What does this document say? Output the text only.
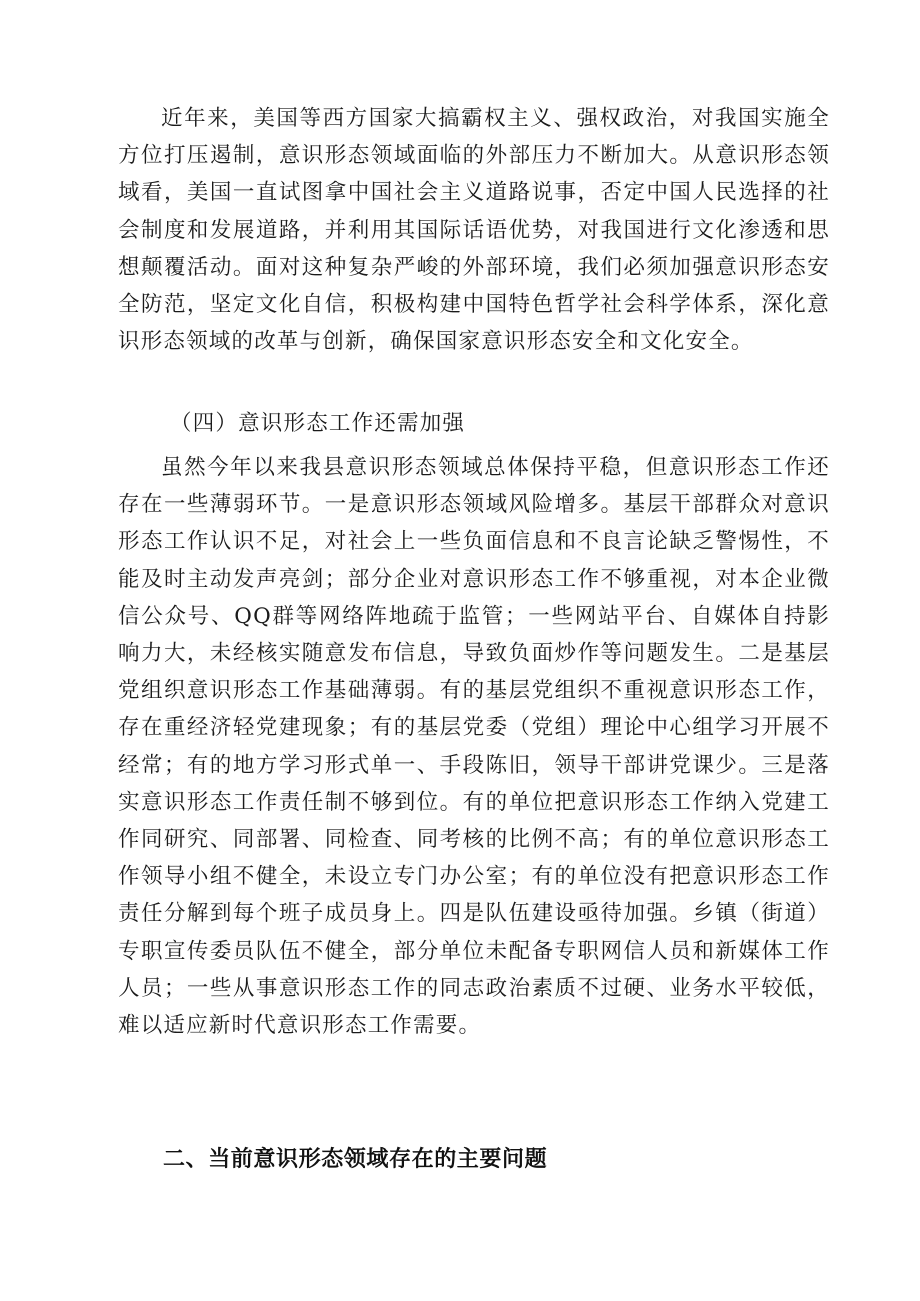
近年来，美国等西方国家大搞霸权主义、强权政治，对我国实施全方位打压遏制，意识形态领域面临的外部压力不断加大。从意识形态领域看，美国一直试图拿中国社会主义道路说事，否定中国人民选择的社会制度和发展道路，并利用其国际话语优势，对我国进行文化渗透和思想颠覆活动。面对这种复杂严峻的外部环境，我们必须加强意识形态安全防范，坚定文化自信，积极构建中国特色哲学社会科学体系，深化意识形态领域的改革与创新，确保国家意识形态安全和文化安全。

（四）意识形态工作还需加强

虽然今年以来我县意识形态领域总体保持平稳，但意识形态工作还存在一些薄弱环节。一是意识形态领域风险增多。基层干部群众对意识形态工作认识不足，对社会上一些负面信息和不良言论缺乏警惕性，不能及时主动发声亮剑；部分企业对意识形态工作不够重视，对本企业微信公众号、QQ群等网络阵地疏于监管；一些网站平台、自媒体自持影响力大，未经核实随意发布信息，导致负面炒作等问题发生。二是基层党组织意识形态工作基础薄弱。有的基层党组织不重视意识形态工作，存在重经济轻党建现象；有的基层党委（党组）理论中心组学习开展不经常；有的地方学习形式单一、手段陈旧，领导干部讲党课少。三是落实意识形态工作责任制不够到位。有的单位把意识形态工作纳入党建工作同研究、同部署、同检查、同考核的比例不高；有的单位意识形态工作领导小组不健全，未设立专门办公室；有的单位没有把意识形态工作责任分解到每个班子成员身上。四是队伍建设亟待加强。乡镇（街道）专职宣传委员队伍不健全，部分单位未配备专职网信人员和新媒体工作人员；一些从事意识形态工作的同志政治素质不过硬、业务水平较低，难以适应新时代意识形态工作需要。

二、当前意识形态领域存在的主要问题
